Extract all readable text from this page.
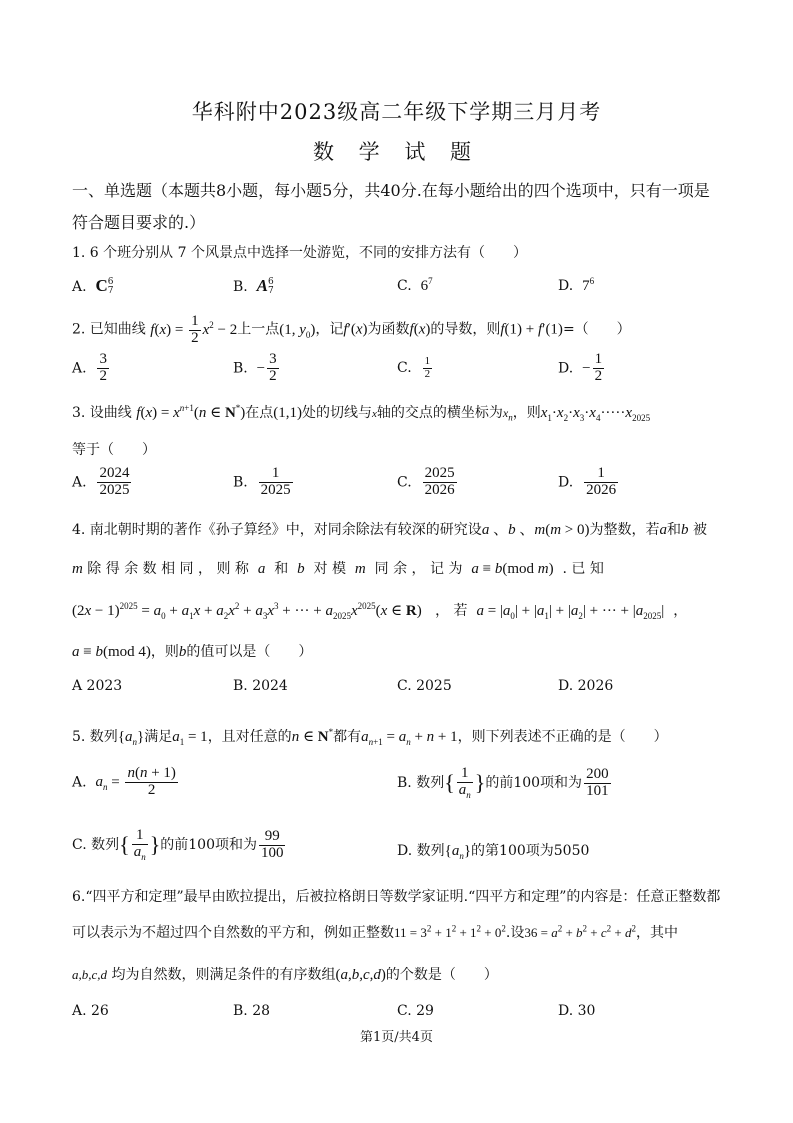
华科附中2023级高二年级下学期三月月考
数 学 试 题
一、单选题（本题共8小题，每小题5分，共40分.在每小题给出的四个选项中，只有一项是
符合题目要求的.）
1. 6 个班分别从 7 个风景点中选择一处游览，不同的安排方法有（　　）
A. C 6
7	B. A 6
7	C. $6^7$	D. $7^6$
2. 已知曲线 $f(x) = \frac{1}{2} x^2 - 2$上一点(1, $y_0$)，记f′(x)为函数f(x)的导数，则f(1) + f′(1)=（　　）
A. $\frac{3}{2}$	B. − $\frac{3}{2}$	C. $\frac{1}{2}$	D. − $\frac{1}{2}$
3. 设曲线 $f(x) = x^{n+1}(n$ ∈ N*)在点(1,1)处的切线与x轴的交点的横坐标为$x_n$，则$x_1\cdot x_2\cdot x_3\cdot x_4\cdot\cdot\cdot\cdot\cdot x_{2025}$
等于（　　）
A. $\frac{2024}{2025}$	B. $\frac{1}{2025}$	C. $\frac{2025}{2026}$	D. $\frac{1}{2026}$
4. 南北朝时期的著作《孙子算经》中，对同余除法有较深的研究设a 、b 、m(m > 0)为整数，若a和b 被
m 除 得 余 数 相 同 ， 则 称 a 和 b 对 模 m 同 余 ， 记 为 a ≡ b(mod m) . 已 知
$(2x - 1)^{2025} = a_0 + a_1x + a_2x^2 + a_3x^3$ + ··· + $a_{2025}x^{2025}(x$ ∈ R) ， 若 $a = |a_0| + |a_1| + |a_2|$ + ··· + $|a_{2025}|$  ，
a ≡ b(mod 4)，则b的值可以是（　　）
A 2023	B. 2024	C. 2025	D. 2026
5. 数列$\{a_n\}$满足$a_1 = 1$，且对任意的n ∈ N*都有$a_{n+1} = a_n + n + 1$，则下列表述不正确的是（　　）
A. $a_n = \frac{n(n + 1)}{2}$	B. 数列{ $\frac{1}{a_n}$ }的前100项和为 $\frac{200}{101}$
C. 数列{ $\frac{1}{a_n}$ }的前100项和为 $\frac{99}{100}$	D. 数列$\{a_n\}$的第100项为5050
6.“四平方和定理”最早由欧拉提出，后被拉格朗日等数学家证明.“四平方和定理”的内容是：任意正整数都
可以表示为不超过四个自然数的平方和，例如正整数$11 = 3^2 + 1^2 + 1^2 + 0^2$.设$36 = a^2 + b^2 + c^2 + d^2$，其中
a,b,c,d 均为自然数，则满足条件的有序数组(a,b,c,d)的个数是（　　）
A. 26	B. 28	C. 29	D. 30
第1页/共4页
